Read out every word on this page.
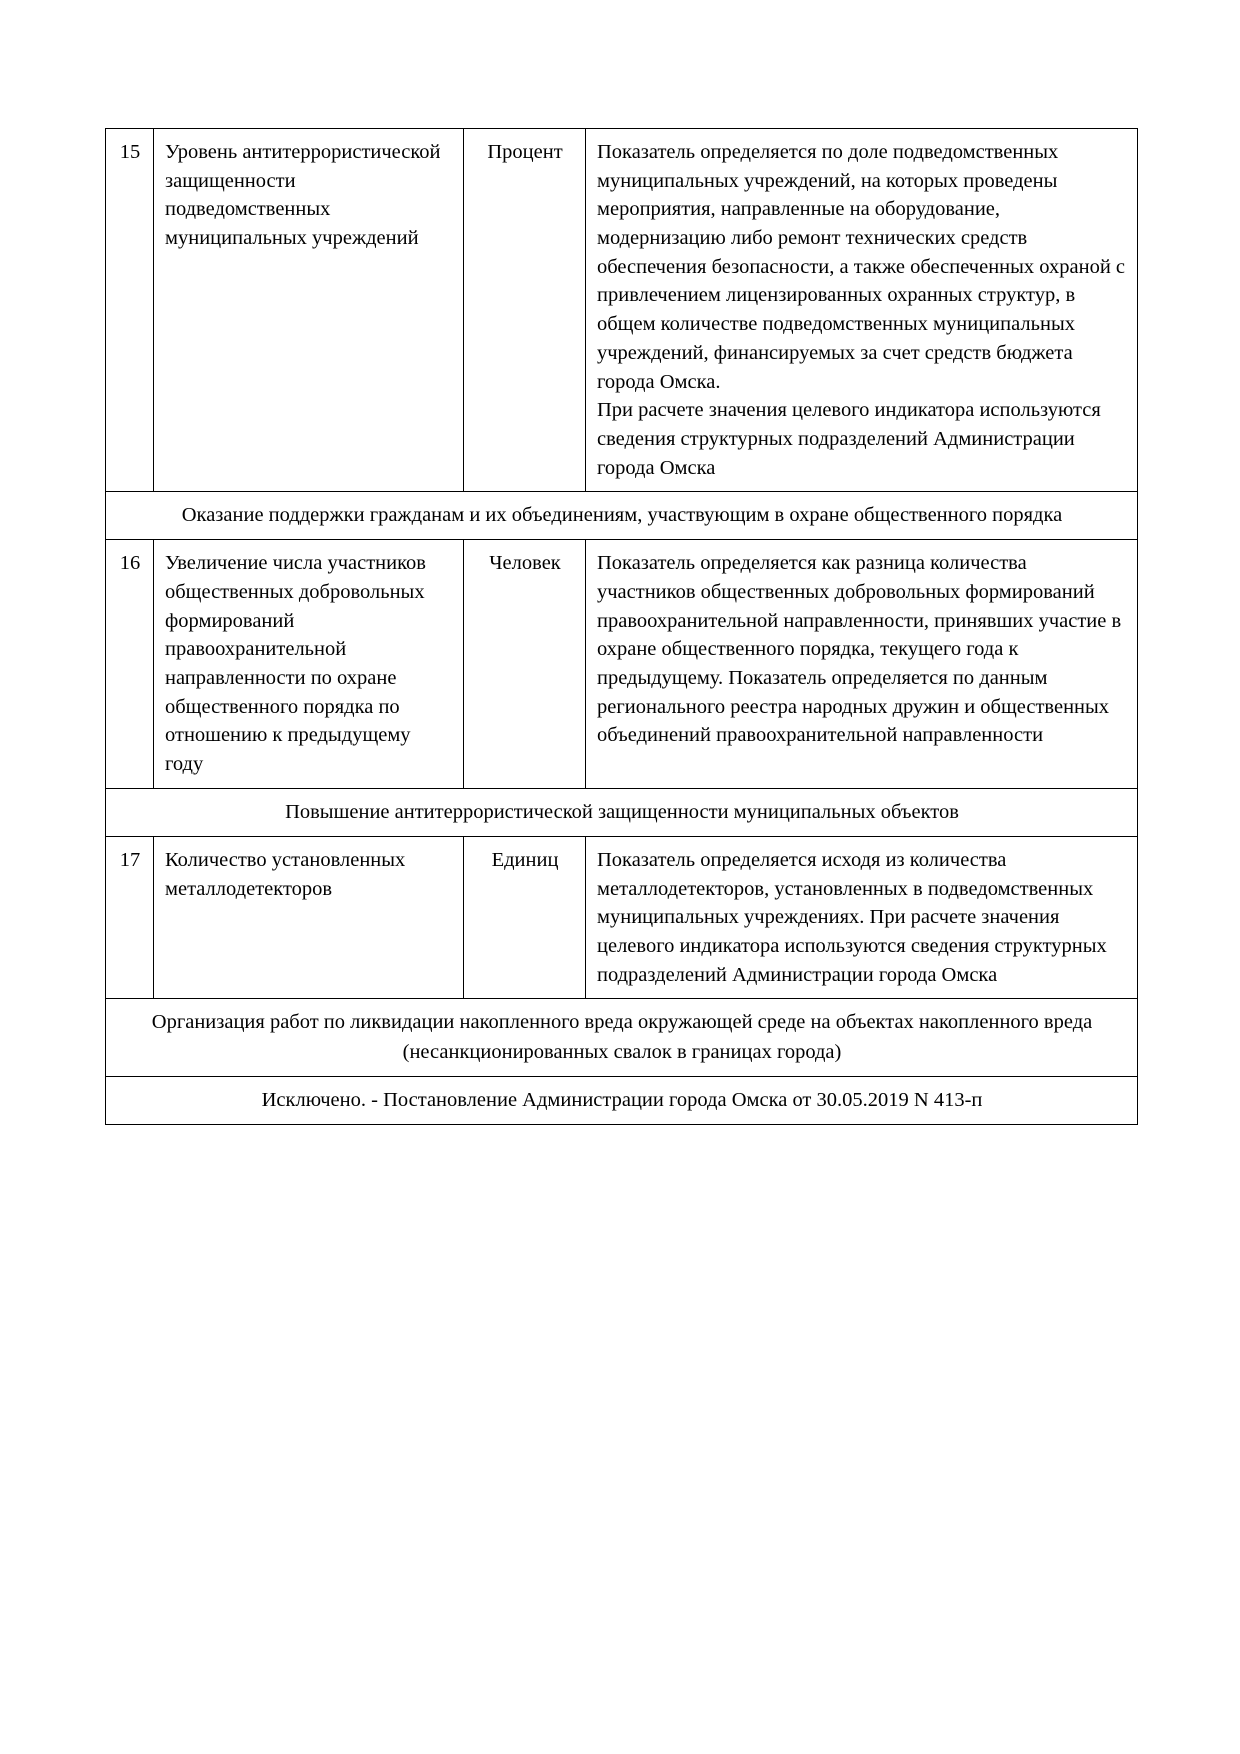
15	Уровень антитеррористической защищенности подведомственных муниципальных учреждений	Процент	Показатель определяется по доле подведомственных муниципальных учреждений, на которых проведены мероприятия, направленные на оборудование, модернизацию либо ремонт технических средств обеспечения безопасности, а также обеспеченных охраной с привлечением лицензированных охранных структур, в общем количестве подведомственных муниципальных учреждений, финансируемых за счет средств бюджета города Омска.

При расчете значения целевого индикатора используются сведения структурных подразделений Администрации города Омска

Оказание поддержки гражданам и их объединениям, участвующим в охране общественного порядка			
16	Увеличение числа участников общественных добровольных формирований правоохранительной направленности по охране общественного порядка по отношению к предыдущему году	Человек	Показатель определяется как разница количества участников общественных добровольных формирований правоохранительной направленности, принявших участие в охране общественного порядка, текущего года к предыдущему. Показатель определяется по данным регионального реестра народных дружин и общественных объединений правоохранительной направленности

Повышение антитеррористической защищенности муниципальных объектов			
17	Количество установленных металлодетекторов	Единиц	Показатель определяется исходя из количества металлодетекторов, установленных в подведомственных муниципальных учреждениях. При расчете значения целевого индикатора используются сведения структурных подразделений Администрации города Омска

Организация работ по ликвидации накопленного вреда окружающей среде на объектах накопленного вреда (несанкционированных свалок в границах города)			
Исключено. - Постановление Администрации города Омска от 30.05.2019 N 413-п			
